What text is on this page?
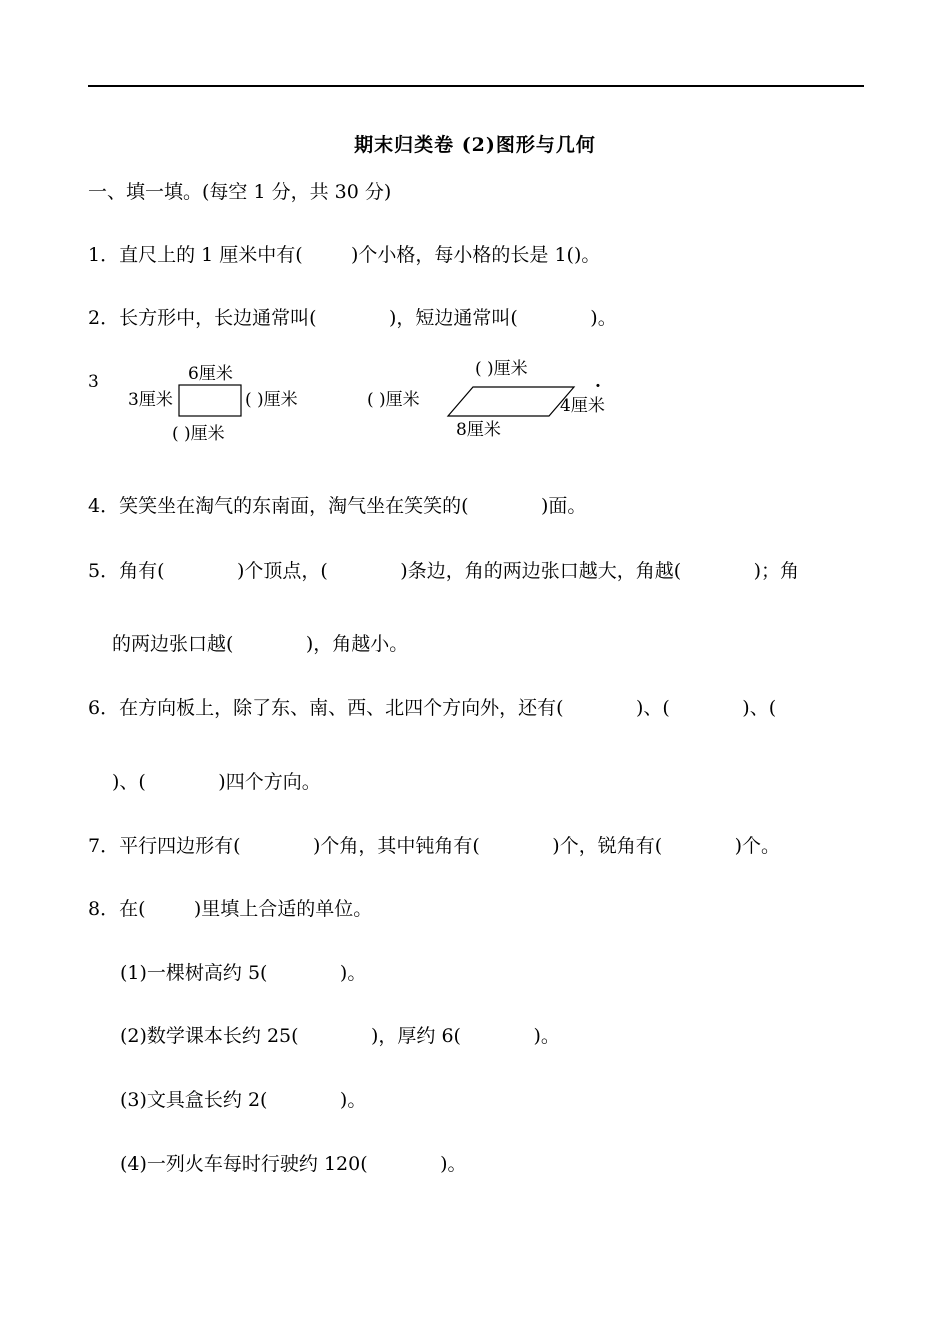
期末归类卷 (2)图形与几何
一、填一填。(每空 1 分，共 30 分)
1．直尺上的 1 厘米中有(        )个小格，每小格的长是 1()。
2．长方形中，长边通常叫(            )，短边通常叫(            )。
3	6厘米
3厘米	( )厘米
( )厘米
( )厘米
( )厘米	4厘米
8厘米
.
4．笑笑坐在淘气的东南面，淘气坐在笑笑的(            )面。
5．角有(            )个顶点，(            )条边，角的两边张口越大，角越(            )；角
的两边张口越(            )，角越小。
6．在方向板上，除了东、南、西、北四个方向外，还有(            )、(            )、(
)、(            )四个方向。
7．平行四边形有(            )个角，其中钝角有(            )个，锐角有(            )个。
8．在(        )里填上合适的单位。
(1)一棵树高约 5(            )。
(2)数学课本长约 25(            )，厚约 6(            )。
(3)文具盒长约 2(            )。
(4)一列火车每时行驶约 120(            )。
